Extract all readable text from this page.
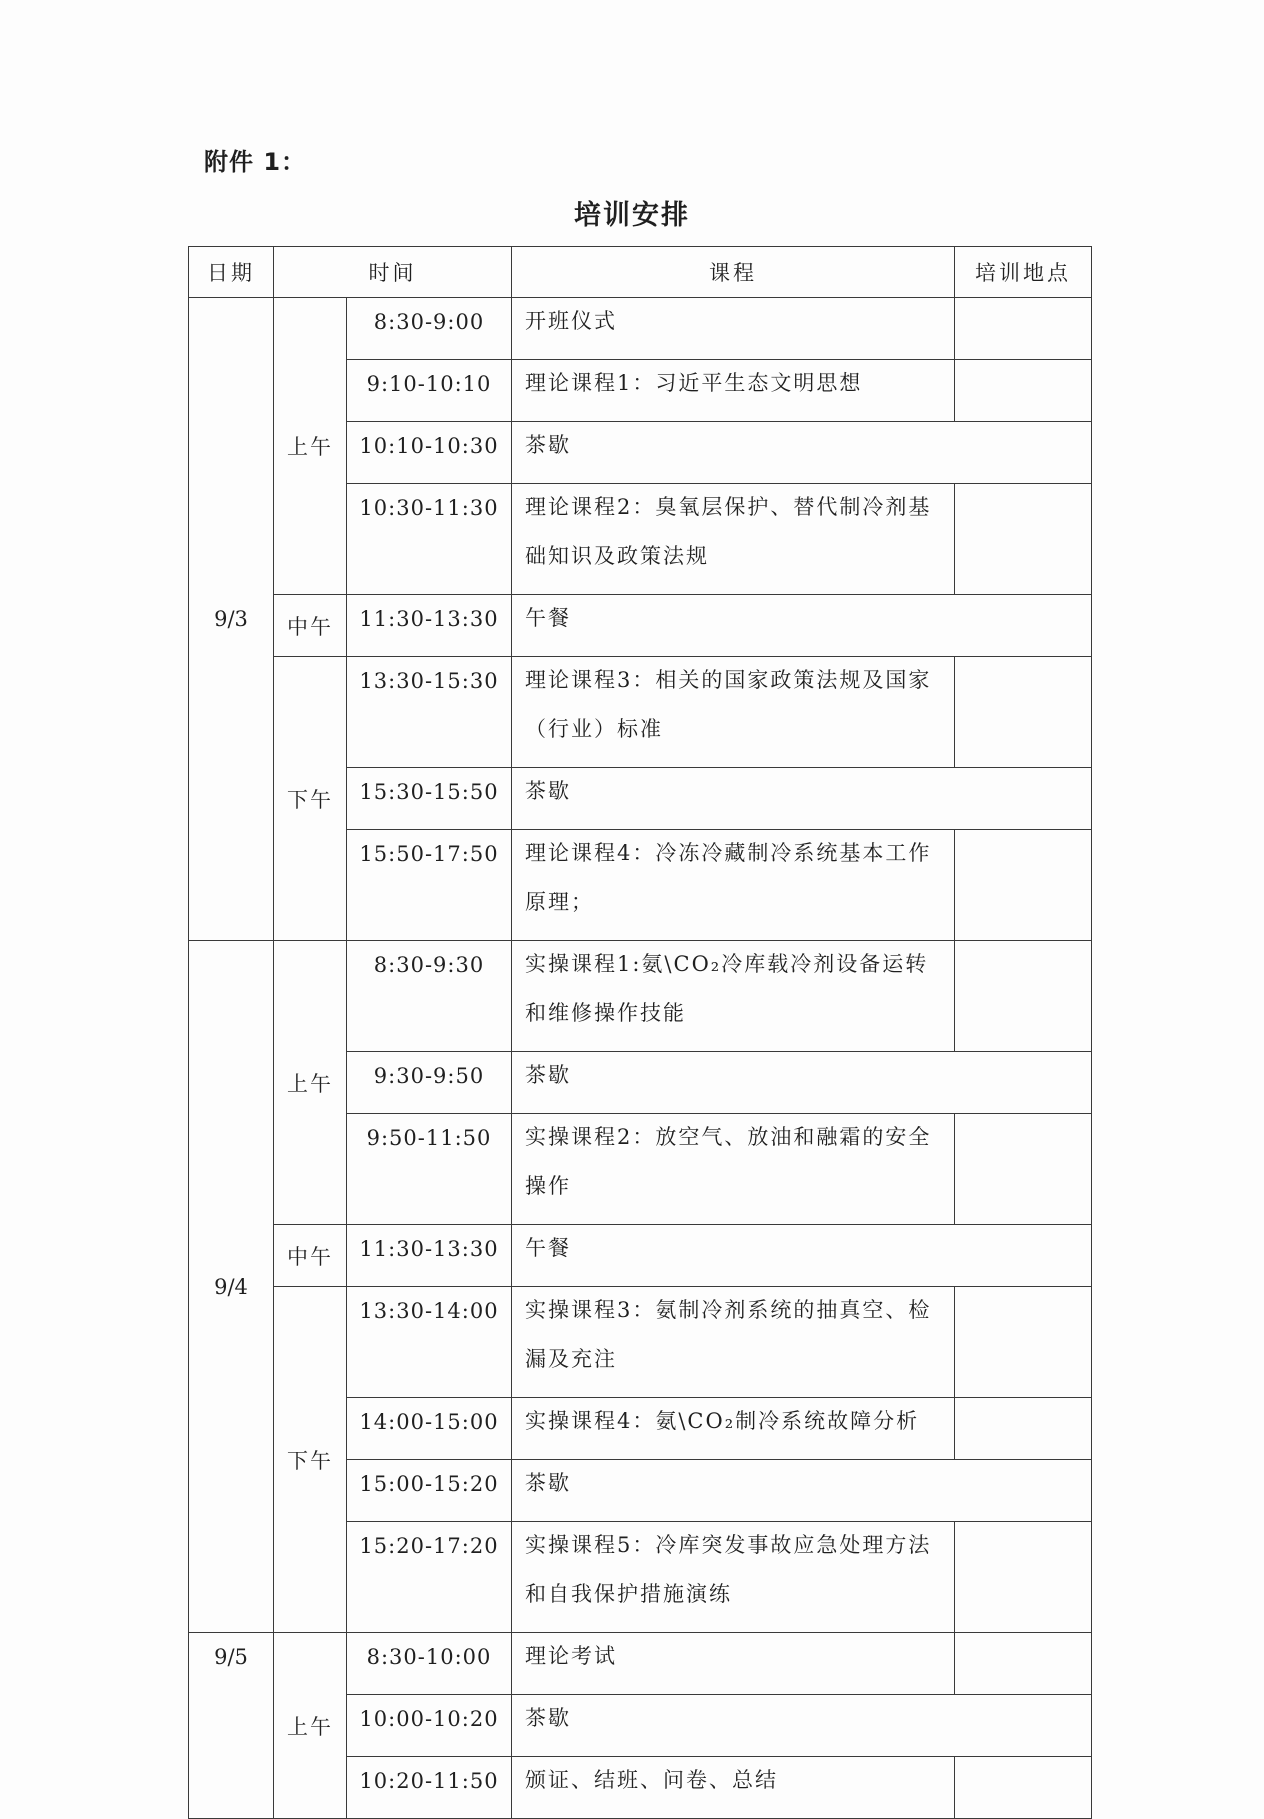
附件 1：
培训安排
日期	时间		课程	培训地点
9/3	上午	8:30-9:00	开班仪式	

		9:10-10:10	理论课程1：习近平生态文明思想	

		10:10-10:30	茶歇	

		10:30-11:30	理论课程2：臭氧层保护、替代制冷剂基础知识及政策法规	

	中午	11:30-13:30	午餐	

	下午	13:30-15:30	理论课程3：相关的国家政策法规及国家（行业）标准	

		15:30-15:50	茶歇	

		15:50-17:50	理论课程4：冷冻冷藏制冷系统基本工作原理；	

9/4	上午	8:30-9:30	实操课程1:氨\CO₂冷库载冷剂设备运转和维修操作技能	

		9:30-9:50	茶歇	

		9:50-11:50	实操课程2：放空气、放油和融霜的安全操作	

	中午	11:30-13:30	午餐	

	下午	13:30-14:00	实操课程3：氨制冷剂系统的抽真空、检漏及充注	

		14:00-15:00	实操课程4：氨\CO₂制冷系统故障分析	

		15:00-15:20	茶歇	

		15:20-17:20	实操课程5：冷库突发事故应急处理方法和自我保护措施演练	

9/5	上午	8:30-10:00	理论考试	

		10:00-10:20	茶歇	

		10:20-11:50	颁证、结班、问卷、总结	
